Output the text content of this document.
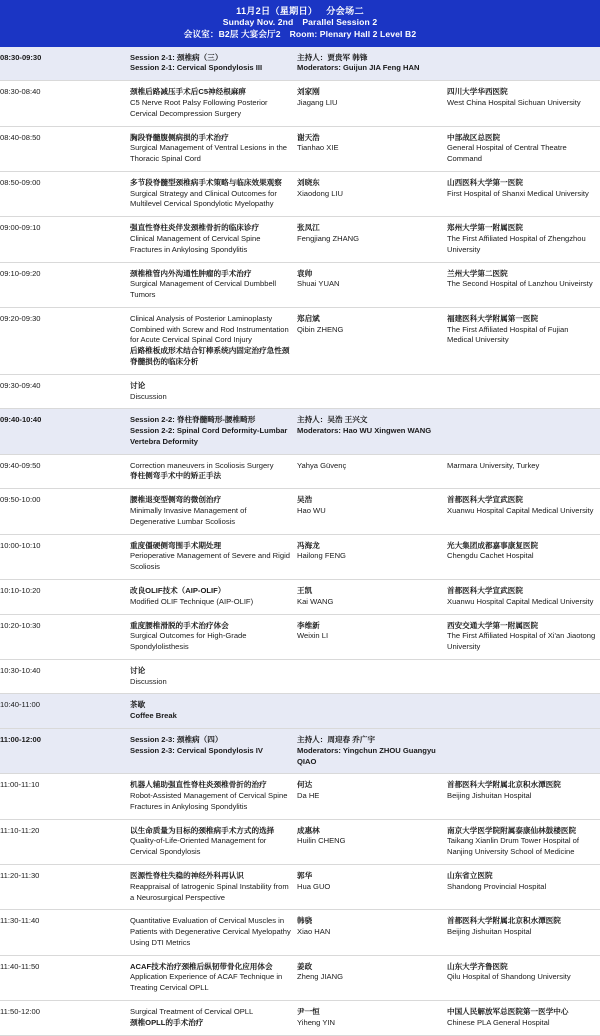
11月2日（星期日） 分会场二
Sunday Nov. 2nd Parallel Session 2
会议室：B2层 大宴会厅2 Room: Plenary Hall 2 Level B2
08:30-09:30	Session 2-1: 颈椎病（三）
Session 2-1: Cervical Spondylosis III	主持人：贾贵军 韩锋
Moderators: Guijun JIA Feng HAN	

08:30-08:40	颈椎后路减压手术后C5神经根麻痹
C5 Nerve Root Palsy Following Posterior Cervical Decompression Surgery	刘家刚
Jiagang LIU	四川大学华西医院
West China Hospital Sichuan University

08:40-08:50	胸段脊髓腹侧病损的手术治疗
Surgical Management of Ventral Lesions in the Thoracic Spinal Cord	谢天浩
Tianhao XIE	中部战区总医院
General Hospital of Central Theatre Command

08:50-09:00	多节段脊髓型颈椎病手术策略与临床效果观察
Surgical Strategy and Clinical Outcomes for Multilevel Cervical Spondylotic Myelopathy	刘晓东
Xiaodong LIU	山西医科大学第一医院
First Hospital of Shanxi Medical University

09:00-09:10	强直性脊柱炎伴发颈椎骨折的临床诊疗
Clinical Management of Cervical Spine Fractures in Ankylosing Spondylitis	张凤江
Fengjiang ZHANG	郑州大学第一附属医院
The First Affiliated Hospital of Zhengzhou University

09:10-09:20	颈椎椎管内外沟通性肿瘤的手术治疗
Surgical Management of Cervical Dumbbell Tumors	袁帅
Shuai YUAN	兰州大学第二医院
The Second Hospital of Lanzhou Univeirsty

09:20-09:30	Clinical Analysis of Posterior Laminoplasty Combined with Screw and Rod Instrumentation for Acute Cervical Spinal Cord Injury
后路椎板成形术结合钉棒系统内固定治疗急性颈脊髓损伤的临床分析	郑启斌
Qibin ZHENG	福建医科大学附属第一医院
The First Affiliated Hospital of Fujian Medical University

09:30-09:40	讨论
Discussion		

09:40-10:40	Session 2-2: 脊柱脊髓畸形-腰椎畸形
Session 2-2: Spinal Cord Deformity-Lumbar Vertebra Deformity	主持人：吴浩 王兴文
Moderators: Hao WU Xingwen WANG	

09:40-09:50	Correction maneuvers in Scoliosis Surgery
脊柱侧弯手术中的矫正手法	Yahya Güvenç	Marmara University, Turkey

09:50-10:00	腰椎退变型侧弯的微创治疗
Minimally Invasive Management of Degenerative Lumbar Scoliosis	吴浩
Hao WU	首都医科大学宣武医院
Xuanwu Hospital Capital Medical University

10:00-10:10	重度僵硬侧弯围手术期处理
Perioperative Management of Severe and Rigid Scoliosis	冯海龙
Hailong FENG	光大集团成都嘉事康复医院
Chengdu Cachet Hospital

10:10-10:20	改良OLIF技术（AIP-OLIF）
Modified OLIF Technique (AIP-OLIF)	王凯
Kai WANG	首都医科大学宣武医院
Xuanwu Hospital Capital Medical University

10:20-10:30	重度腰椎滑脱的手术治疗体会
Surgical Outcomes for High-Grade Spondylolisthesis	李维新
Weixin LI	西安交通大学第一附属医院
The First Affiliated Hospital of Xi'an Jiaotong University

10:30-10:40	讨论
Discussion		

10:40-11:00	茶歇
Coffee Break		

11:00-12:00	Session 2-3: 颈椎病（四）
Session 2-3: Cervical Spondylosis IV	主持人：周迎春 乔广宇
Moderators: Yingchun ZHOU Guangyu QIAO	

11:00-11:10	机器人辅助强直性脊柱炎颈椎骨折的治疗
Robot-Assisted Management of Cervical Spine Fractures in Ankylosing Spondylitis	何达
Da HE	首都医科大学附属北京积水潭医院
Beijing Jishuitan Hospital

11:10-11:20	以生命质量为目标的颈椎病手术方式的选择
Quality-of-Life-Oriented Management for Cervical Spondylosis	成惠林
Huilin CHENG	南京大学医学院附属泰康仙林鼓楼医院
Taikang Xianlin Drum Tower Hospital of Nanjing University School of Medicine

11:20-11:30	医源性脊柱失稳的神经外科再认识
Reappraisal of Iatrogenic Spinal Instability from a Neurosurgical Perspective	郭华
Hua GUO	山东省立医院
Shandong Provincial Hospital

11:30-11:40	Quantitative Evaluation of Cervical Muscles in Patients with Degenerative Cervical Myelopathy Using DTI Metrics	韩骁
Xiao HAN	首都医科大学附属北京积水潭医院
Beijing Jishuitan Hospital

11:40-11:50	ACAF技术治疗颈椎后纵韧带骨化应用体会
Application Experience of ACAF Technique in Treating Cervical OPLL	姜政
Zheng JIANG	山东大学齐鲁医院
Qilu Hospital of Shandong University

11:50-12:00	Surgical Treatment of Cervical OPLL
颈椎OPLL的手术治疗	尹一恒
Yiheng YIN	中国人民解放军总医院第一医学中心
Chinese PLA General Hospital
